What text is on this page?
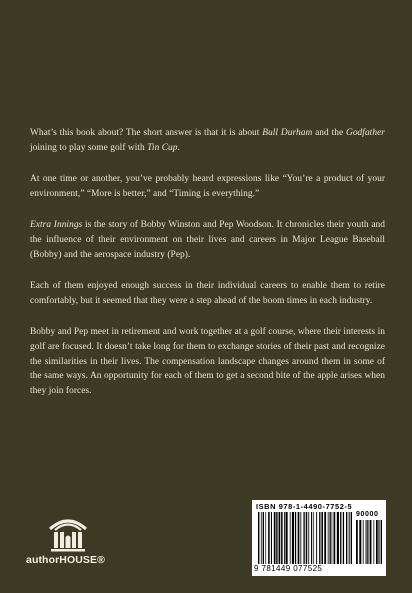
What’s this book about? The short answer is that it is about Bull Durham and the Godfather joining to play some golf with Tin Cup.

At one time or another, you’ve probably heard expressions like “You’re a product of your environment,” “More is better,” and “Timing is everything.”

Extra Innings is the story of Bobby Winston and Pep Woodson. It chronicles their youth and the influence of their environment on their lives and careers in Major League Baseball (Bobby) and the aerospace industry (Pep).

Each of them enjoyed enough success in their individual careers to enable them to retire comfortably, but it seemed that they were a step ahead of the boom times in each industry.

Bobby and Pep meet in retirement and work together at a golf course, where their interests in golf are focused. It doesn’t take long for them to exchange stories of their past and recognize the similarities in their lives. The compensation landscape changes around them in some of the same ways. An opportunity for each of them to get a second bite of the apple arises when they join forces.

authorHOUSE®
ISBN 978-1-4490-7752-5
90000
9 781449 077525
